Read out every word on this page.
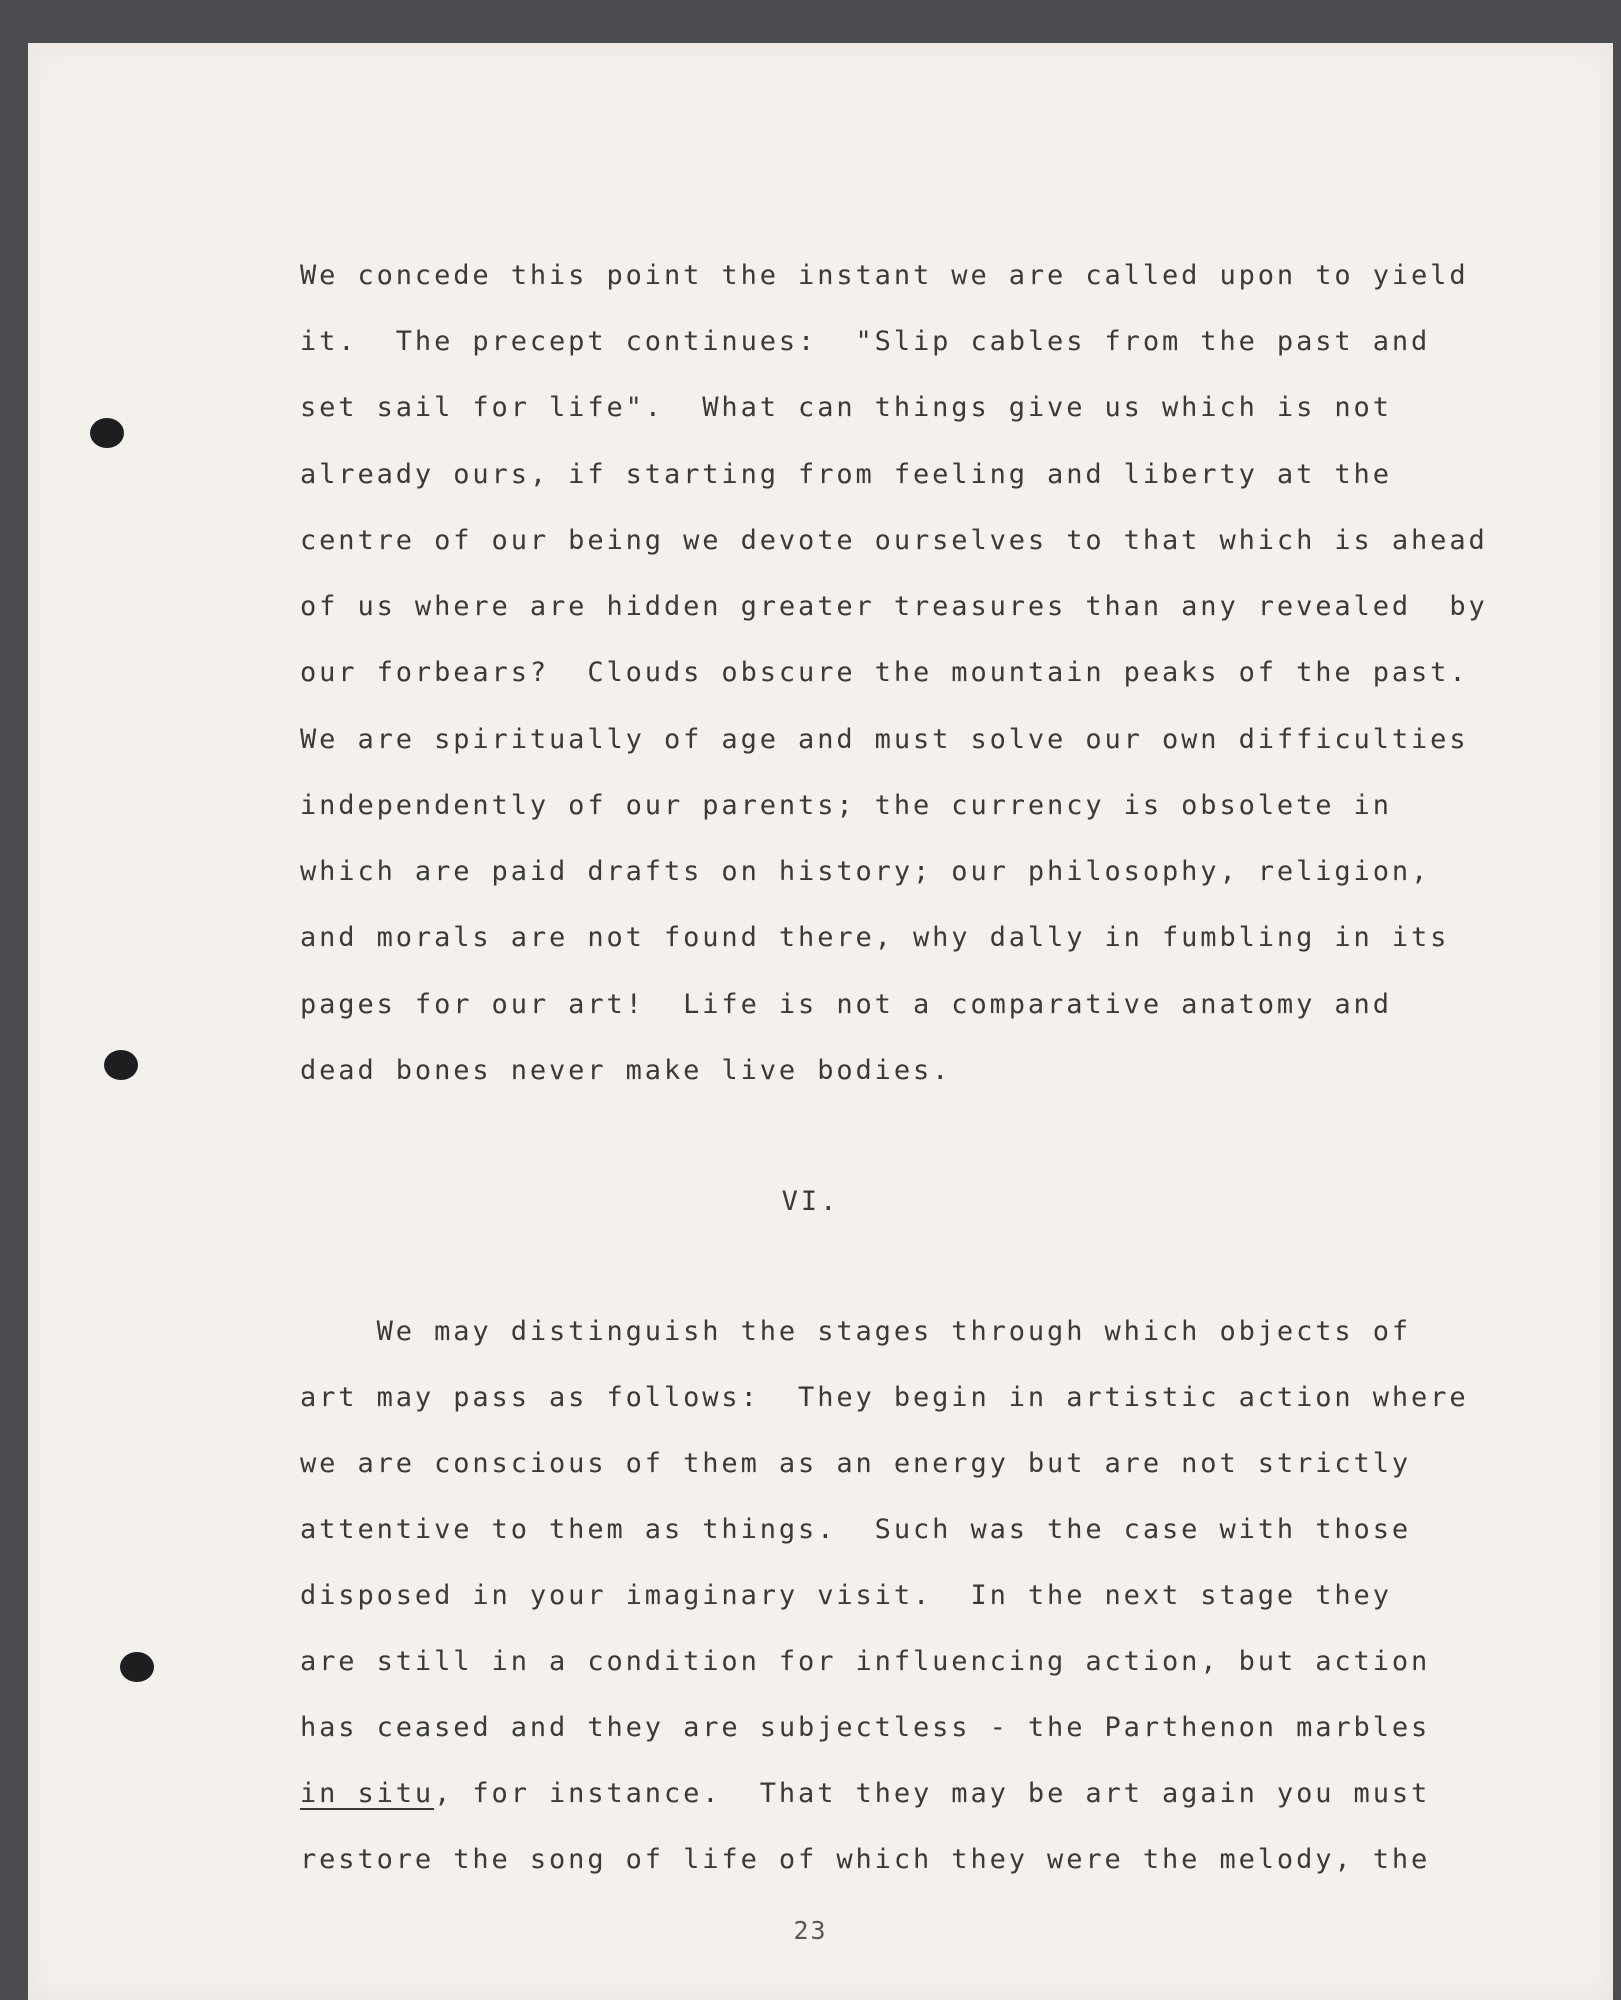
We concede this point the instant we are called upon to yield

it.  The precept continues:  "Slip cables from the past and

set sail for life".  What can things give us which is not

already ours, if starting from feeling and liberty at the

centre of our being we devote ourselves to that which is ahead

of us where are hidden greater treasures than any revealed  by

our forbears?  Clouds obscure the mountain peaks of the past.

We are spiritually of age and must solve our own difficulties

independently of our parents; the currency is obsolete in

which are paid drafts on history; our philosophy, religion,

and morals are not found there, why dally in fumbling in its

pages for our art!  Life is not a comparative anatomy and

dead bones never make live bodies.

VI.

We may distinguish the stages through which objects of

art may pass as follows:  They begin in artistic action where

we are conscious of them as an energy but are not strictly

attentive to them as things.  Such was the case with those

disposed in your imaginary visit.  In the next stage they

are still in a condition for influencing action, but action

has ceased and they are subjectless - the Parthenon marbles

in situ, for instance.  That they may be art again you must

restore the song of life of which they were the melody, the

23
